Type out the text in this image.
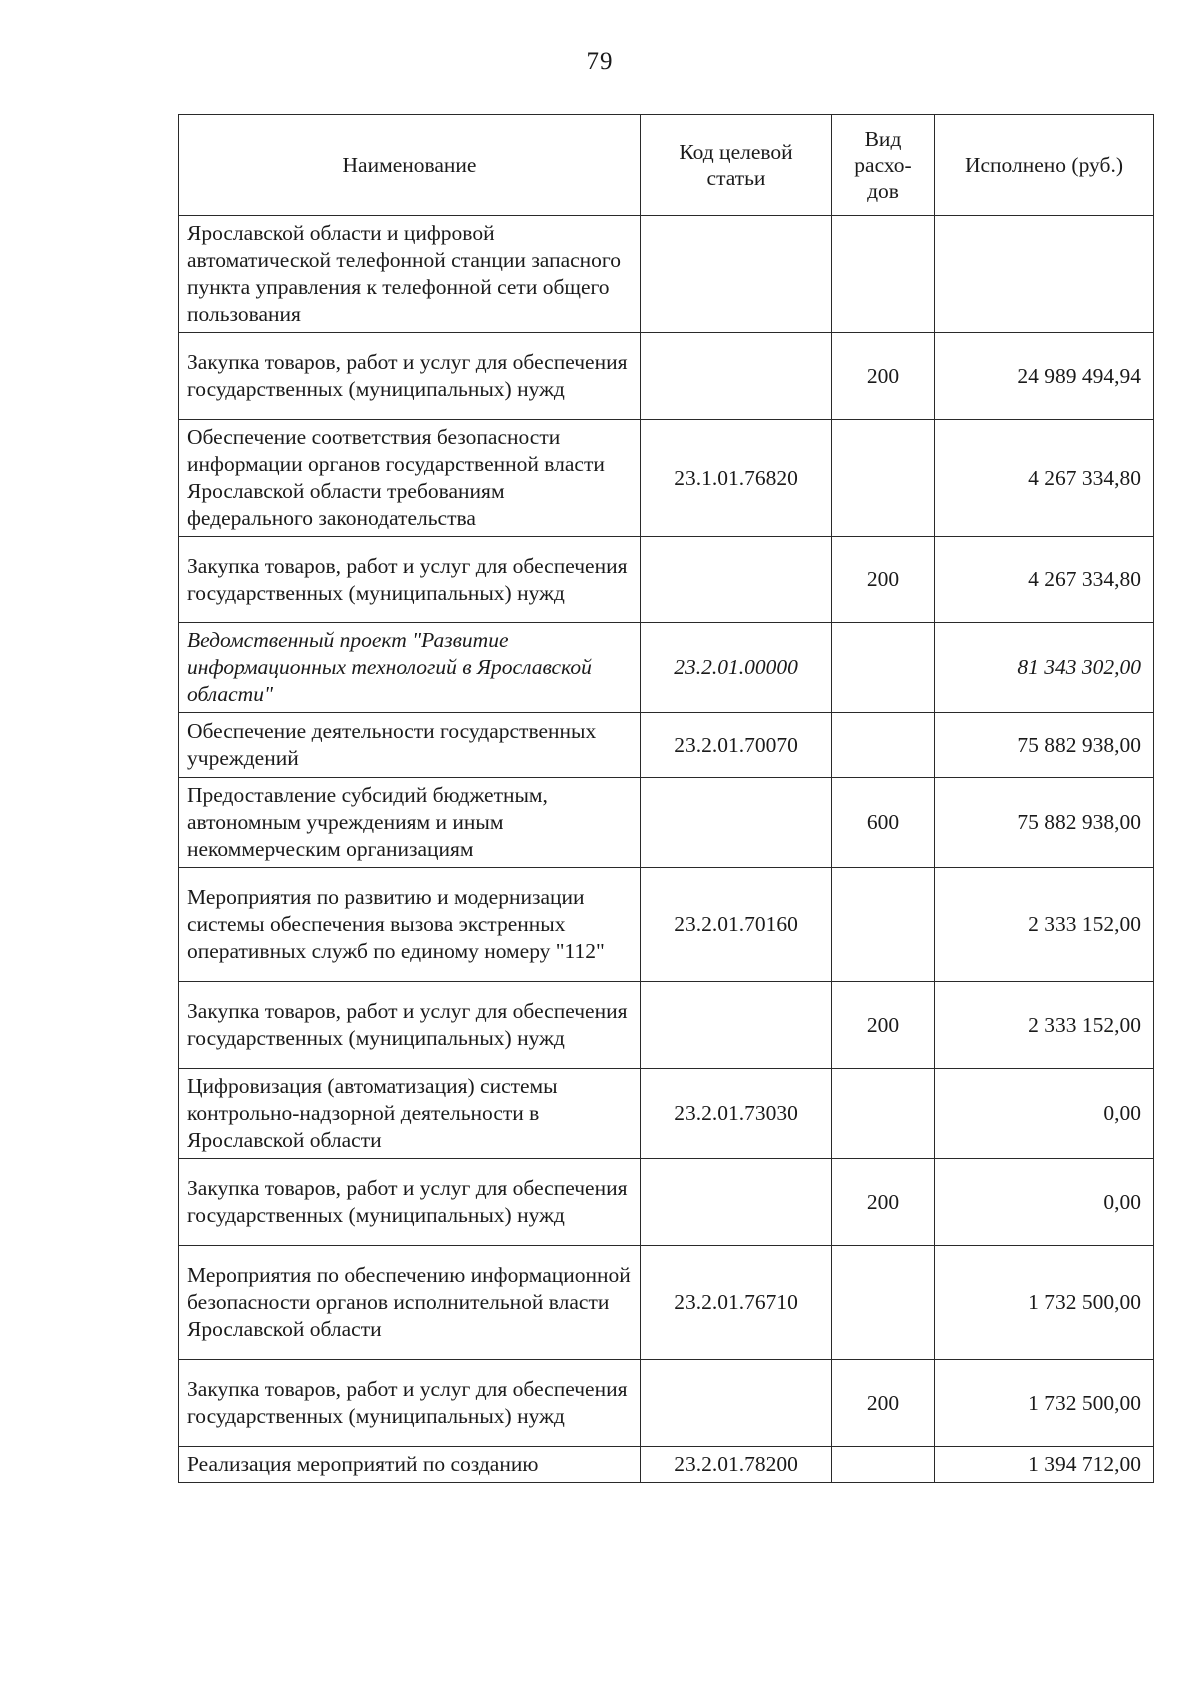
79
Наименование	Код целевой статьи	Вид расхо-дов	Исполнено (руб.)
Ярославской области и цифровой автоматической телефонной станции запасного пункта управления к телефонной сети общего пользования			
Закупка товаров, работ и услуг для обеспечения государственных (муниципальных) нужд		200	24 989 494,94
Обеспечение соответствия безопасности информации органов государственной власти Ярославской области требованиям федерального законодательства	23.1.01.76820		4 267 334,80
Закупка товаров, работ и услуг для обеспечения государственных (муниципальных) нужд		200	4 267 334,80
Ведомственный проект "Развитие информационных технологий в Ярославской области"	23.2.01.00000		81 343 302,00
Обеспечение деятельности государственных учреждений	23.2.01.70070		75 882 938,00
Предоставление субсидий бюджетным, автономным учреждениям и иным некоммерческим организациям		600	75 882 938,00
Мероприятия по развитию и модернизации системы обеспечения вызова экстренных оперативных служб по единому номеру "112"	23.2.01.70160		2 333 152,00
Закупка товаров, работ и услуг для обеспечения государственных (муниципальных) нужд		200	2 333 152,00
Цифровизация (автоматизация) системы контрольно-надзорной деятельности в Ярославской области	23.2.01.73030		0,00
Закупка товаров, работ и услуг для обеспечения государственных (муниципальных) нужд		200	0,00
Мероприятия по обеспечению информационной безопасности органов исполнительной власти Ярославской области	23.2.01.76710		1 732 500,00
Закупка товаров, работ и услуг для обеспечения государственных (муниципальных) нужд		200	1 732 500,00
Реализация мероприятий по созданию	23.2.01.78200		1 394 712,00
